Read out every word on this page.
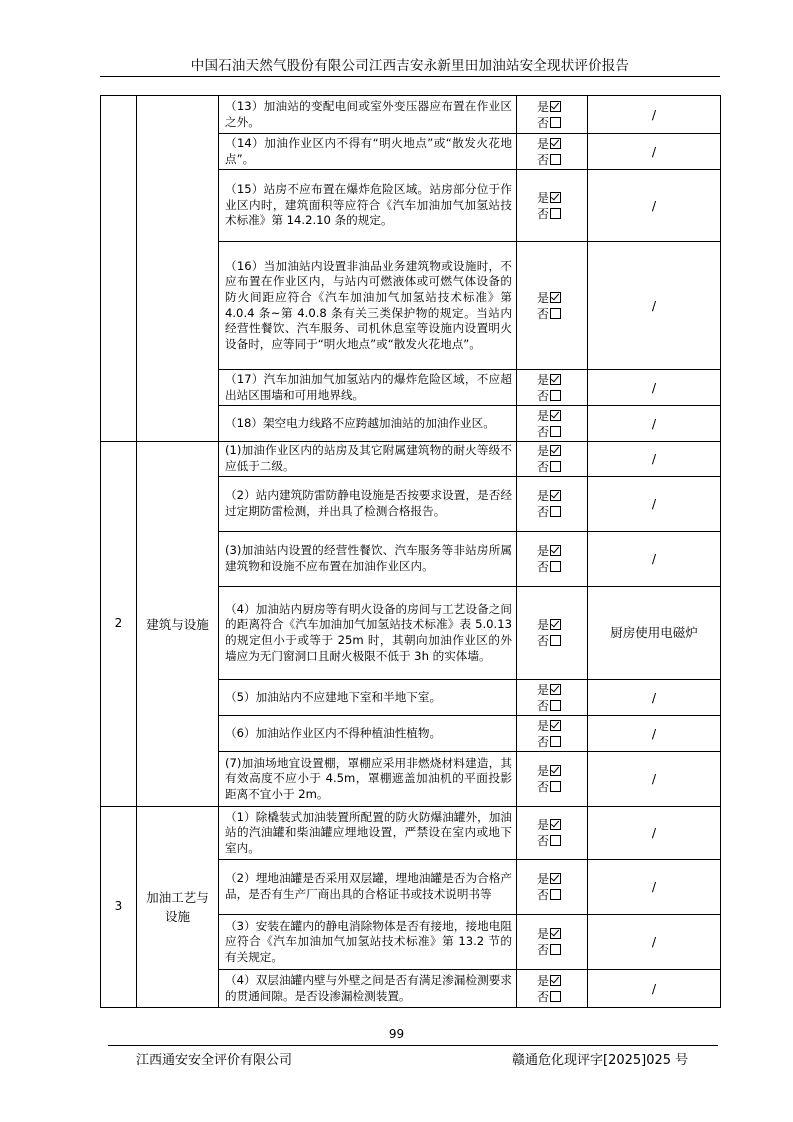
中国石油天然气股份有限公司江西吉安永新里田加油站安全现状评价报告
		（13）加油站的变配电间或室外变压器应布置在作业区之外。	是
否	/
		（14）加油作业区内不得有“明火地点”或“散发火花地点”。	是
否	/
		（15）站房不应布置在爆炸危险区域。站房部分位于作业区内时，建筑面积等应符合《汽车加油加气加氢站技术标准》第 14.2.10 条的规定。	是
否	/
		（16）当加油站内设置非油品业务建筑物或设施时，不应布置在作业区内，与站内可燃液体或可燃气体设备的防火间距应符合《汽车加油加气加氢站技术标准》第 4.0.4 条~第 4.0.8 条有关三类保护物的规定。当站内经营性餐饮、汽车服务、司机休息室等设施内设置明火设备时，应等同于“明火地点”或“散发火花地点”。	是
否	/
		（17）汽车加油加气加氢站内的爆炸危险区域，不应超出站区围墙和可用地界线。	是
否	/
		（18）架空电力线路不应跨越加油站的加油作业区。	是
否	/
2	建筑与设施	(1)加油作业区内的站房及其它附属建筑物的耐火等级不应低于二级。	是
否	/
		（2）站内建筑防雷防静电设施是否按要求设置，是否经过定期防雷检测，并出具了检测合格报告。	是
否	/
		(3)加油站内设置的经营性餐饮、汽车服务等非站房所属建筑物和设施不应布置在加油作业区内。	是
否	/
		（4）加油站内厨房等有明火设备的房间与工艺设备之间的距离符合《汽车加油加气加氢站技术标准》表 5.0.13 的规定但小于或等于 25m 时，其朝向加油作业区的外墙应为无门窗洞口且耐火极限不低于 3h 的实体墙。	是
否	厨房使用电磁炉
		（5）加油站内不应建地下室和半地下室。	是
否	/
		（6）加油站作业区内不得种植油性植物。	是
否	/
		(7)加油场地宜设置棚，罩棚应采用非燃烧材料建造，其有效高度不应小于 4.5m，罩棚遮盖加油机的平面投影距离不宜小于 2m。	是
否	/
3	加油工艺与设施	（1）除橇装式加油装置所配置的防火防爆油罐外，加油站的汽油罐和柴油罐应埋地设置，严禁设在室内或地下室内。	是
否	/
		（2）埋地油罐是否采用双层罐，埋地油罐是否为合格产品，是否有生产厂商出具的合格证书或技术说明书等	是
否	/
		（3）安装在罐内的静电消除物体是否有接地，接地电阻应符合《汽车加油加气加氢站技术标准》第 13.2 节的有关规定。	是
否	/
		（4）双层油罐内壁与外壁之间是否有满足渗漏检测要求的贯通间隙。是否设渗漏检测装置。	是
否	/
99
江西通安安全评价有限公司	赣通危化现评字[2025]025 号
